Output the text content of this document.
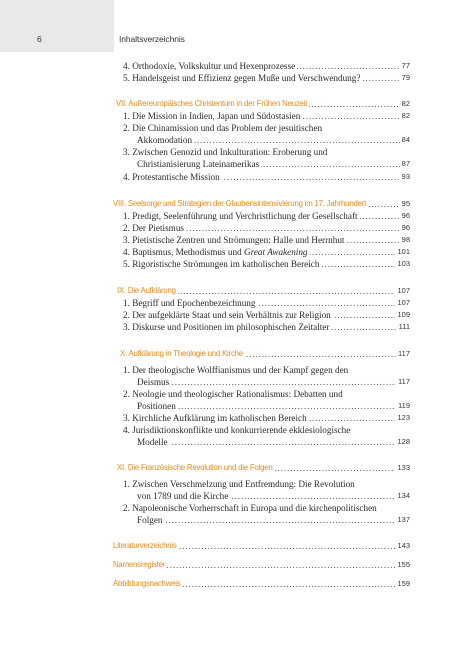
6	Inhaltsverzeichnis
.....
4. Orthodoxie, Volkskultur und Hexenprozesse	77
.....
5. Handelsgeist und Effizienz gegen Muße und Verschwendung?	79
.....
VII. Außereuropäisches Christentum in der Frühen Neuzeit	82
.....
1. Die Mission in Indien, Japan und Südostasien	82
2. Die Chinamission und das Problem der jesuitischen
.....
Akkomodation	84
3. Zwischen Genozid und Inkulturation: Eroberung und
.....
Christianisierung Lateinamerikas	87
.....
4. Protestantische Mission	93
.....
VIII. Seelsorge und Strategien der Glaubensintensivierung im 17. Jahrhundert	95
.....
1. Predigt, Seelenführung und Verchristlichung der Gesellschaft	96
.....
2. Der Pietismus	96
.....
3. Pietistische Zentren und Strömungen: Halle und Herrnhut	98
.....
4. Baptismus, Methodismus und Great Awakening	101
.....
5. Rigoristische Strömungen im katholischen Bereich	103
.....
IX. Die Aufklärung	107
.....
1. Begriff und Epochenbezeichnung	107
.....
2. Der aufgeklärte Staat und sein Verhältnis zur Religion	109
.....
3. Diskurse und Positionen im philosophischen Zeitalter	111
.....
X. Aufklärung in Theologie und Kirche	117
1. Der theologische Wolffianismus und der Kampf gegen den
.....
Deismus	117
2. Neologie und theologischer Rationalismus: Debatten und
.....
Positionen	119
.....
3. Kirchliche Aufklärung im katholischen Bereich	123
4. Jurisdiktionskonflikte und konkurrierende ekklesiologische
.....
Modelle	128
.....
XI. Die Französische Revolution und die Folgen	133
1. Zwischen Verschmelzung und Entfremdung: Die Revolution
.....
von 1789 und die Kirche	134
2. Napoleonische Vorherrschaft in Europa und die kirchenpolitischen
.....
Folgen	137
.....
Literaturverzeichnis	143
.....
Namensregister	155
.....
Abbildungsnachweis	159
